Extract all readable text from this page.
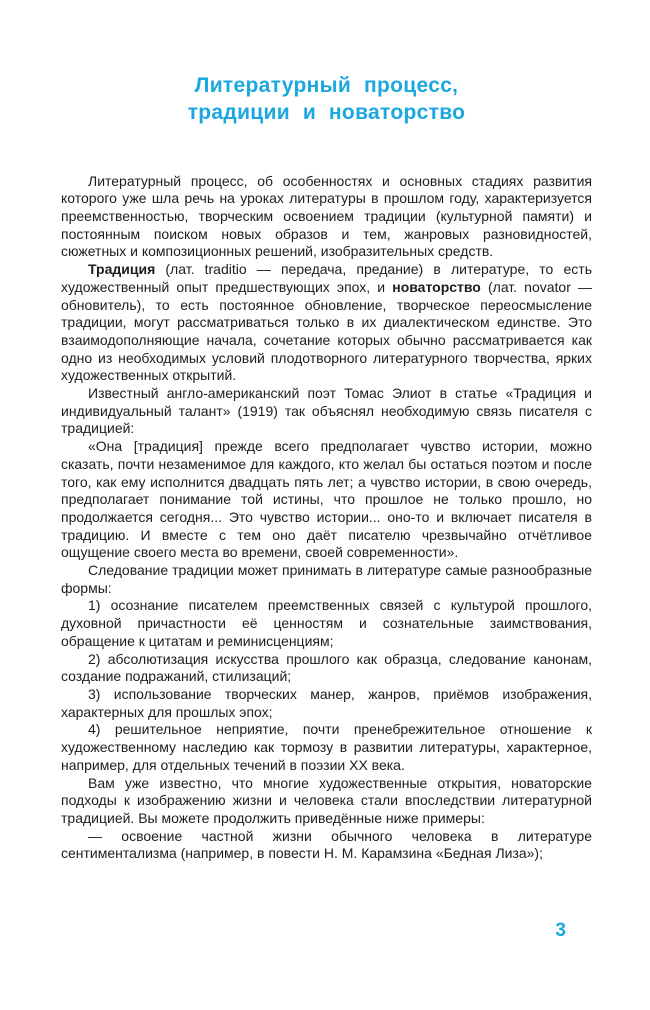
Литературный процесс,
традиции и новаторство

Литературный процесс, об особенностях и основных стадиях развития которого уже шла речь на уроках литературы в прошлом году, характеризуется преемственностью, творческим освоением традиции (культурной памяти) и постоянным поиском новых образов и тем, жанровых разновидностей, сюжетных и композиционных решений, изобразительных средств.

Традиция (лат. traditio — передача, предание) в литературе, то есть художественный опыт предшествующих эпох, и новаторство (лат. novator — обновитель), то есть постоянное обновление, творческое переосмысление традиции, могут рассматриваться только в их диалектическом единстве. Это взаимодополняющие начала, сочетание которых обычно рассматривается как одно из необходимых условий плодотворного литературного творчества, ярких художественных открытий.

Известный англо-американский поэт Томас Элиот в статье «Традиция и индивидуальный талант» (1919) так объяснял необходимую связь писателя с традицией:

«Она [традиция] прежде всего предполагает чувство истории, можно сказать, почти незаменимое для каждого, кто желал бы остаться поэтом и после того, как ему исполнится двадцать пять лет; а чувство истории, в свою очередь, предполагает понимание той истины, что прошлое не только прошло, но продолжается сегодня... Это чувство истории... оно-то и включает писателя в традицию. И вместе с тем оно даёт писателю чрезвычайно отчётливое ощущение своего места во времени, своей современности».

Следование традиции может принимать в литературе самые разнообразные формы:

1) осознание писателем преемственных связей с культурой прошлого, духовной причастности её ценностям и сознательные заимствования, обращение к цитатам и реминисценциям;

2) абсолютизация искусства прошлого как образца, следование канонам, создание подражаний, стилизаций;

3) использование творческих манер, жанров, приёмов изображения, характерных для прошлых эпох;

4) решительное неприятие, почти пренебрежительное отношение к художественному наследию как тормозу в развитии литературы, характерное, например, для отдельных течений в поэзии XX века.

Вам уже известно, что многие художественные открытия, новаторские подходы к изображению жизни и человека стали впоследствии литературной традицией. Вы можете продолжить приведённые ниже примеры:

— освоение частной жизни обычного человека в литературе сентиментализма (например, в повести Н. М. Карамзина «Бедная Лиза»);

3
